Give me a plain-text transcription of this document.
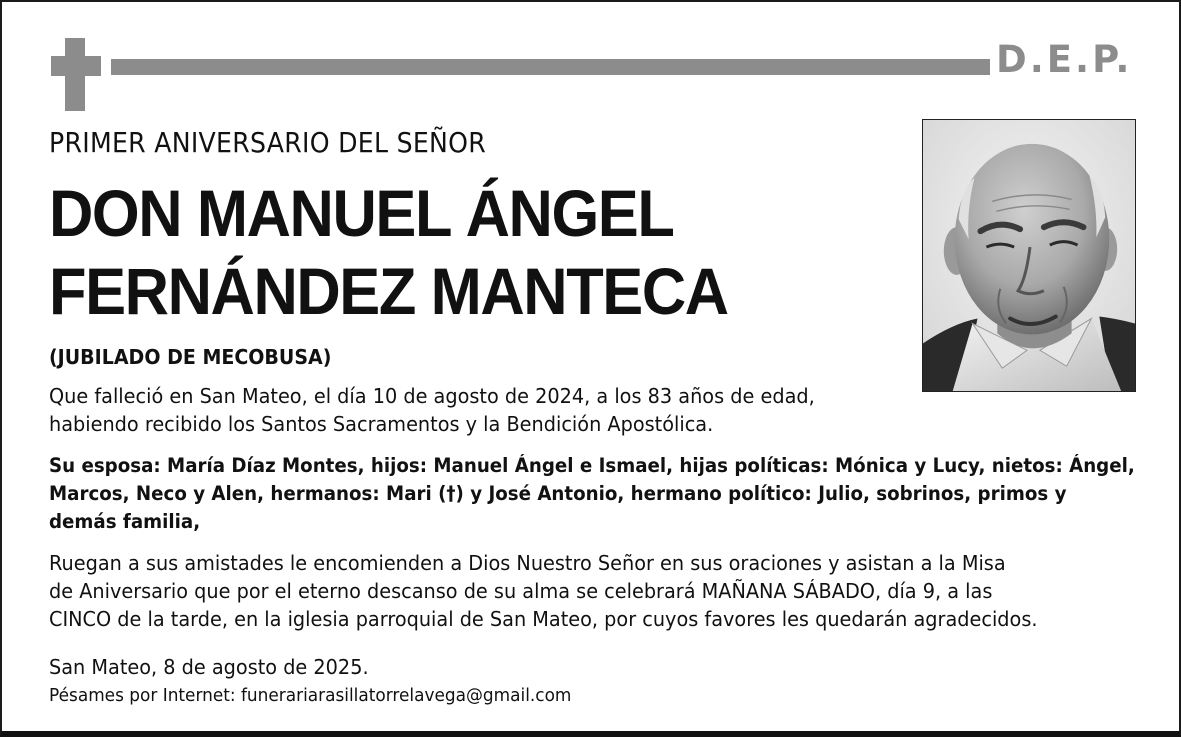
D.E.P.
PRIMER ANIVERSARIO DEL SEÑOR
DON MANUEL ÁNGEL
FERNÁNDEZ MANTECA
(JUBILADO DE MECOBUSA)
Que falleció en San Mateo, el día 10 de agosto de 2024, a los 83 años de edad,
habiendo recibido los Santos Sacramentos y la Bendición Apostólica.
Su esposa: María Díaz Montes, hijos: Manuel Ángel e Ismael, hijas políticas: Mónica y Lucy, nietos: Ángel,
Marcos, Neco y Alen, hermanos: Mari (†) y José Antonio, hermano político: Julio, sobrinos, primos y
demás familia,
Ruegan a sus amistades le encomienden a Dios Nuestro Señor en sus oraciones y asistan a la Misa
de Aniversario que por el eterno descanso de su alma se celebrará MAÑANA SÁBADO, día 9, a las
CINCO de la tarde, en la iglesia parroquial de San Mateo, por cuyos favores les quedarán agradecidos.
San Mateo, 8 de agosto de 2025.
Pésames por Internet: funerariarasillatorrelavega@gmail.com
